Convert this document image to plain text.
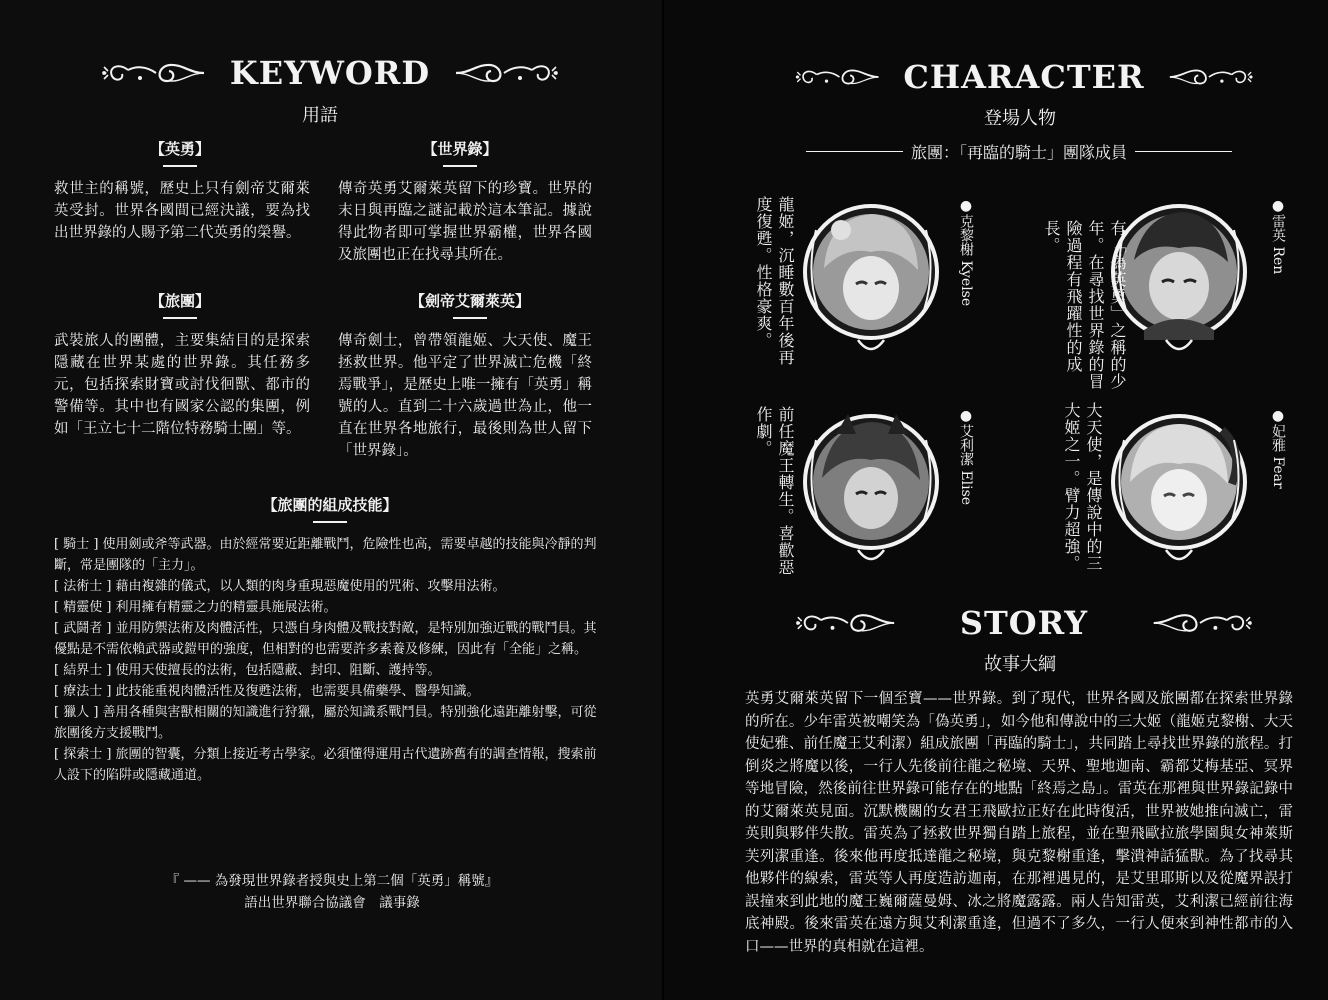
KEYWORD
用語
【英勇】
救世主的稱號，歷史上只有劍帝艾爾萊英受封。世界各國間已經決議，要為找出世界錄的人賜予第二代英勇的榮譽。
【世界錄】
傳奇英勇艾爾萊英留下的珍寶。世界的末日與再臨之謎記載於這本筆記。據說得此物者即可掌握世界霸權，世界各國及旅團也正在找尋其所在。
【旅團】
武裝旅人的團體，主要集結目的是探索隱藏在世界某處的世界錄。其任務多元，包括探索財寶或討伐徊獸、都市的警備等。其中也有國家公認的集團，例如「王立七十二階位特務騎士團」等。
【劍帝艾爾萊英】
傳奇劍士，曾帶領龍姬、大天使、魔王拯救世界。他平定了世界滅亡危機「終焉戰爭」，是歷史上唯一擁有「英勇」稱號的人。直到二十六歲過世為止，他一直在世界各地旅行，最後則為世人留下「世界錄」。
【旅團的組成技能】

[ 騎士 ] 使用劍或斧等武器。由於經常要近距離戰鬥，危險性也高，需要卓越的技能與冷靜的判斷，常是團隊的「主力」。

[ 法術士 ] 藉由複雜的儀式，以人類的肉身重現惡魔使用的咒術、攻擊用法術。

[ 精靈使 ] 利用擁有精靈之力的精靈具施展法術。

[ 武鬪者 ] 並用防禦法術及肉體活性，只憑自身肉體及戰技對敵，是特別加強近戰的戰鬥員。其優點是不需依賴武器或鎧甲的強度，但相對的也需要許多素養及修練，因此有「全能」之稱。

[ 結界士 ] 使用天使擅長的法術，包括隱蔽、封印、阻斷、護持等。

[ 療法士 ] 此技能重視肉體活性及復甦法術，也需要具備藥學、醫學知識。

[ 獵人 ] 善用各種與害獸相關的知識進行狩獵，屬於知識系戰鬥員。特別強化遠距離射擊，可從旅團後方支援戰鬥。

[ 探索士 ] 旅團的智囊，分類上接近考古學家。必須懂得運用古代遺跡舊有的調查情報，搜索前人設下的陷阱或隱藏通道。

『 —— 為發現世界錄者授與史上第二個「英勇」稱號』
語出世界聯合協議會　議事錄
CHARACTER
登場人物
旅團：「再臨的騎士」團隊成員
●雷英 Ren
有「偽英勇」之稱的少年。在尋找世界錄的冒險過程有飛躍性的成長。
●克黎榭 Kyelse
龍姬，沉睡數百年後再度復甦。性格豪爽。
●妃雅 Fear
大天使，是傳說中的三大姬之一。臂力超強。
●艾利潔 Elise
前任魔王轉生。喜歡惡作劇。
STORY
故事大綱
英勇艾爾萊英留下一個至寶——世界錄。到了現代，世界各國及旅團都在探索世界錄的所在。少年雷英被嘲笑為「偽英勇」，如今他和傳說中的三大姬（龍姬克黎榭、大天使妃雅、前任魔王艾利潔）組成旅團「再臨的騎士」，共同踏上尋找世界錄的旅程。打倒炎之將魔以後，一行人先後前往龍之秘境、天界、聖地迦南、霸都艾梅基亞、冥界等地冒險，然後前往世界錄可能存在的地點「終焉之島」。雷英在那裡與世界錄記錄中的艾爾萊英見面。沉默機關的女君王飛歐拉正好在此時復活，世界被她推向滅亡，雷英則與夥伴失散。雷英為了拯救世界獨自踏上旅程，並在聖飛歐拉旅學園與女神萊斯芙列潔重逢。後來他再度抵達龍之秘境，與克黎榭重逢，擊潰神話猛獸。為了找尋其他夥伴的線索，雷英等人再度造訪迦南，在那裡遇見的，是艾里耶斯以及從魔界誤打誤撞來到此地的魔王巍爾薩曼姆、冰之將魔露露。兩人告知雷英，艾利潔已經前往海底神殿。後來雷英在遠方與艾利潔重逢，但過不了多久，一行人便來到神性都市的入口——世界的真相就在這裡。
